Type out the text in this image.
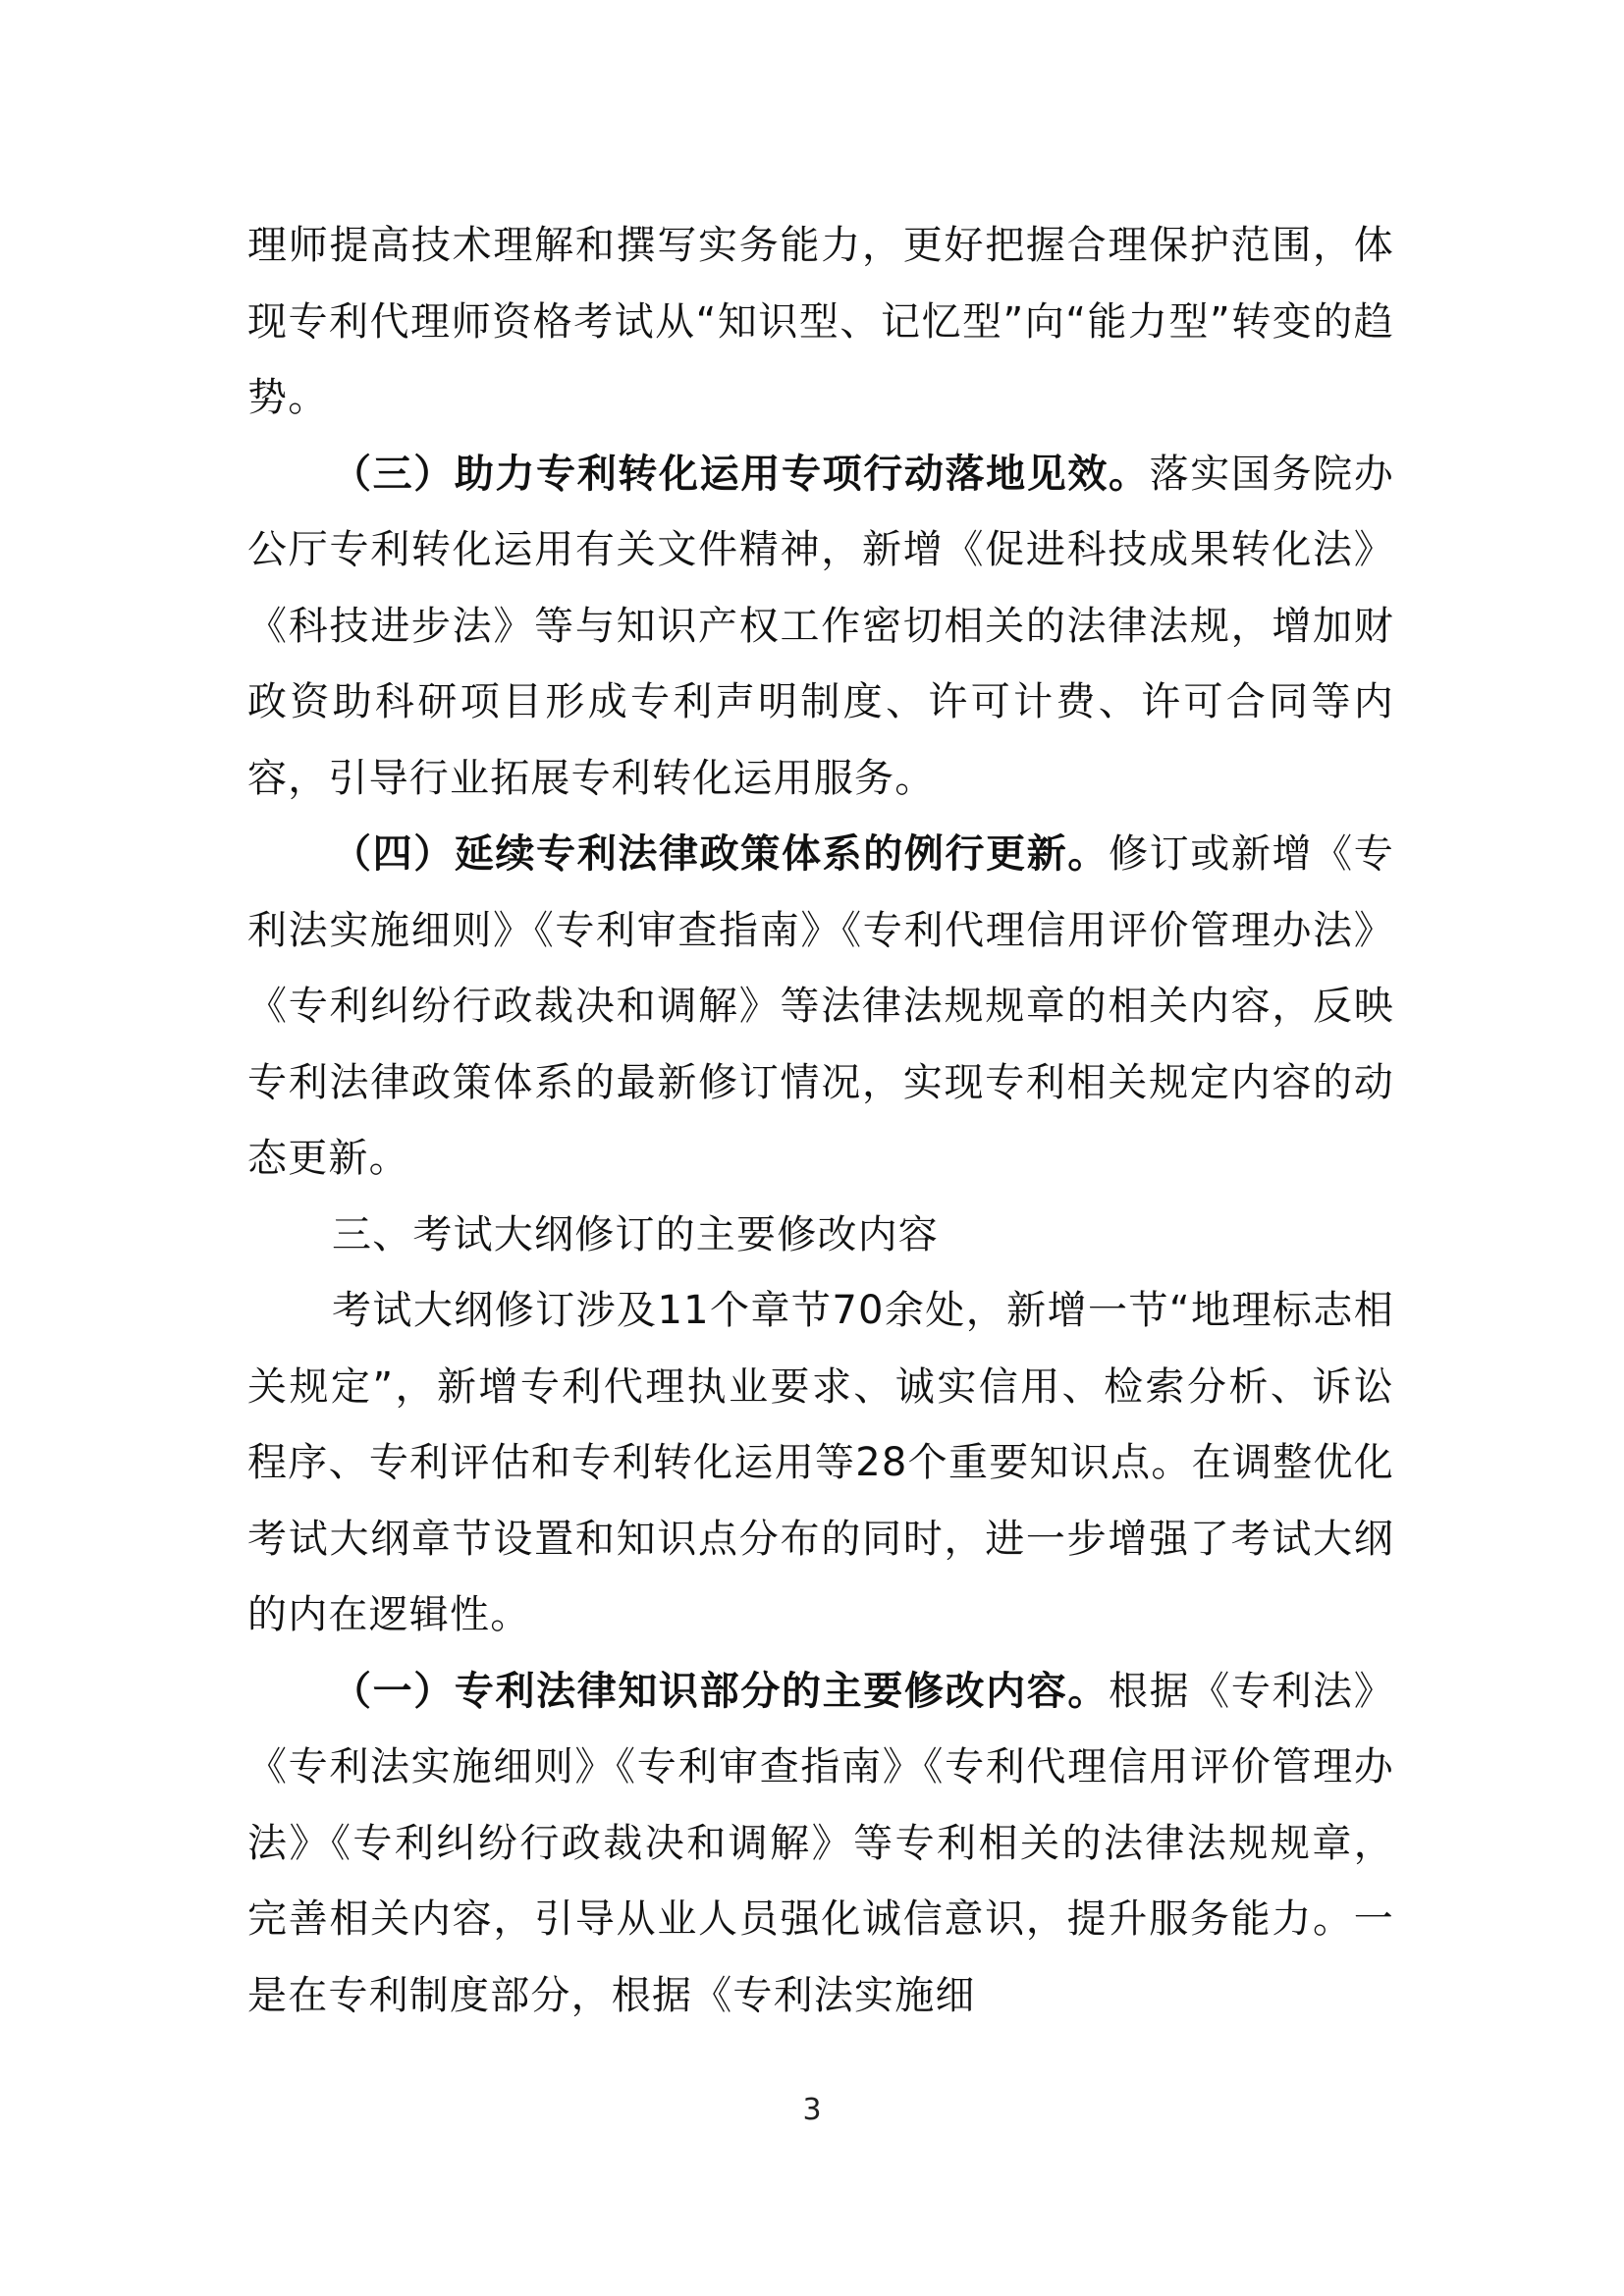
理师提高技术理解和撰写实务能力，更好把握合理保护范围，体现专利代理师资格考试从“知识型、记忆型”向“能力型”转变的趋势。

（三）助力专利转化运用专项行动落地见效。落实国务院办公厅专利转化运用有关文件精神，新增《促进科技成果转化法》《科技进步法》等与知识产权工作密切相关的法律法规，增加财政资助科研项目形成专利声明制度、许可计费、许可合同等内容，引导行业拓展专利转化运用服务。

（四）延续专利法律政策体系的例行更新。修订或新增《专利法实施细则》《专利审查指南》《专利代理信用评价管理办法》《专利纠纷行政裁决和调解》等法律法规规章的相关内容，反映专利法律政策体系的最新修订情况，实现专利相关规定内容的动态更新。

三、考试大纲修订的主要修改内容

考试大纲修订涉及11个章节70余处，新增一节“地理标志相关规定”，新增专利代理执业要求、诚实信用、检索分析、诉讼程序、专利评估和专利转化运用等28个重要知识点。在调整优化考试大纲章节设置和知识点分布的同时，进一步增强了考试大纲的内在逻辑性。

（一）专利法律知识部分的主要修改内容。根据《专利法》《专利法实施细则》《专利审查指南》《专利代理信用评价管理办法》《专利纠纷行政裁决和调解》等专利相关的法律法规规章，完善相关内容，引导从业人员强化诚信意识，提升服务能力。一是在专利制度部分，根据《专利法实施细

3
